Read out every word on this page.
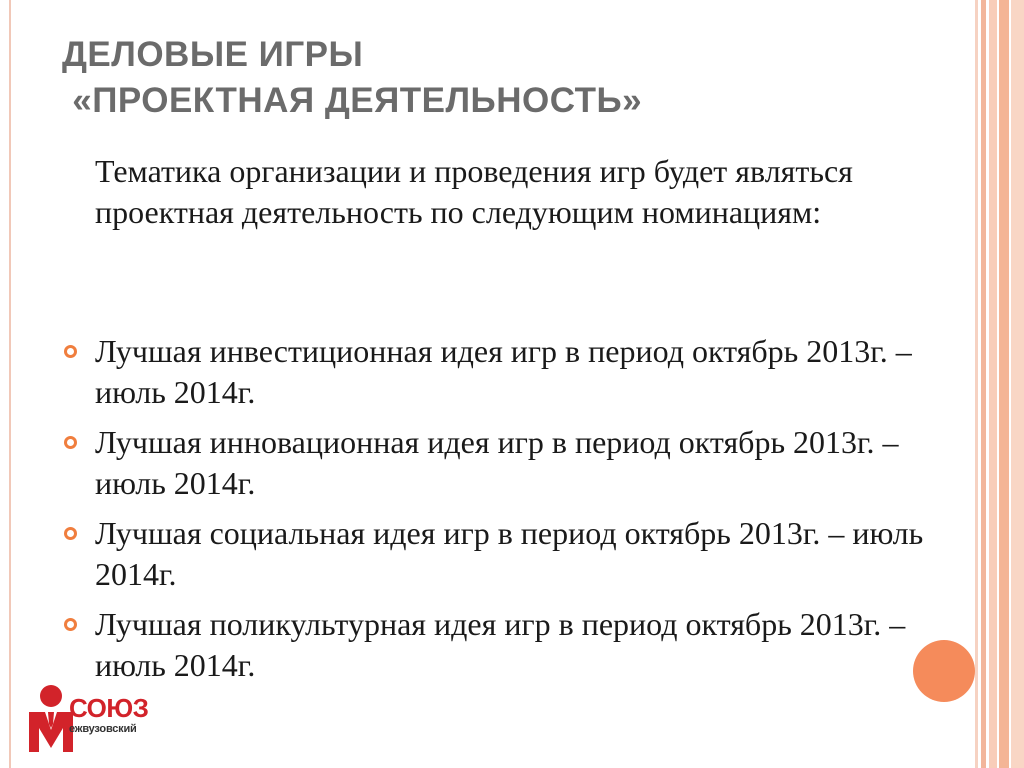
ДЕЛОВЫЕ ИГРЫ
«ПРОЕКТНАЯ ДЕЯТЕЛЬНОСТЬ»

Тематика организации и проведения игр будет являться проектная деятельность по следующим номинациям:

Лучшая инвестиционная идея игр в период октябрь 2013г. – июль 2014г.
Лучшая инновационная идея игр в период октябрь 2013г. – июль 2014г.
Лучшая социальная идея игр в период октябрь 2013г. – июль 2014г.
Лучшая поликультурная идея игр в период октябрь 2013г. – июль 2014г.
СОЮЗ
ежвузовский
